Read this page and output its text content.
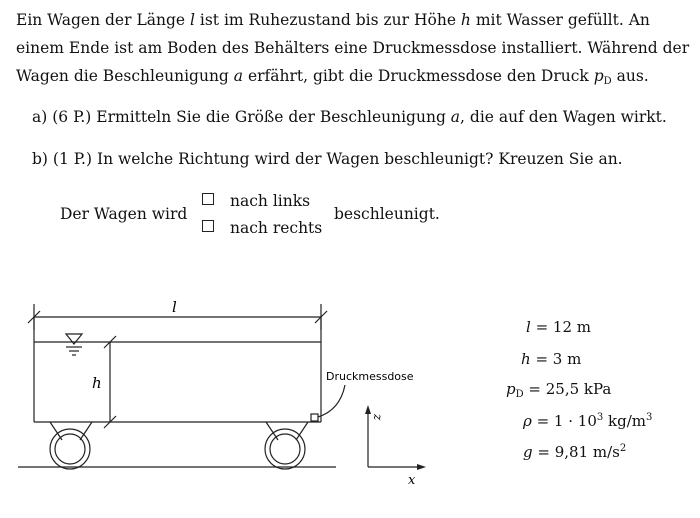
Ein Wagen der Länge l ist im Ruhezustand bis zur Höhe h mit Wasser gefüllt. An einem Ende ist am Boden des Behälters eine Druckmessdose installiert. Während der Wagen die Beschleunigung a erfährt, gibt die Druckmessdose den Druck $p_D$ aus.

a) (6 P.) Ermitteln Sie die Größe der Beschleunigung a, die auf den Wagen wirkt.
b) (1 P.) In welche Richtung wird der Wagen beschleunigt? Kreuzen Sie an.
Der Wagen wird
nach links
nach rechts
beschleunigt.
l
h	Druckmessdose
z
x
l = 12 m
h = 3 m
$p_D = 25,5$ kPa
$\rho = 1 \cdot 10^3$ $kg/m^3$
g = 9,81 $m/s^2$
